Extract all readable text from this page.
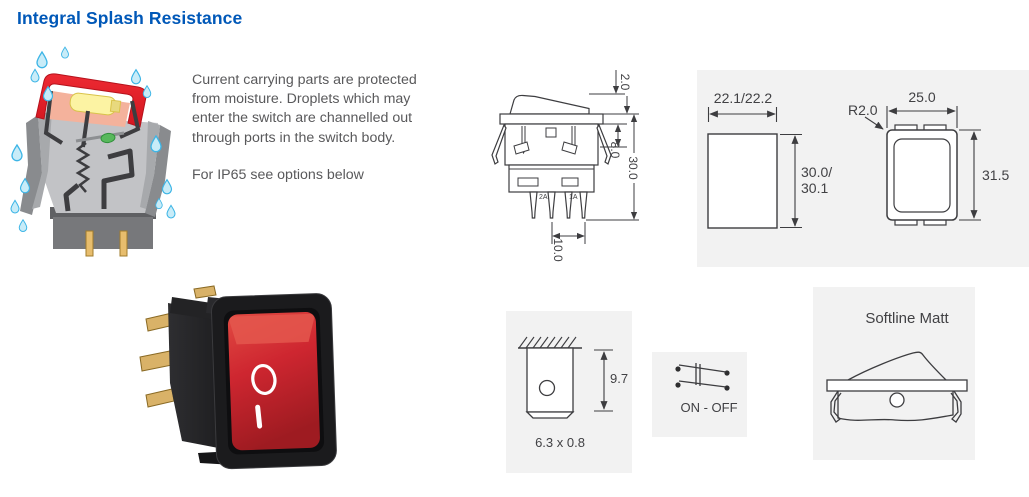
Integral Splash Resistance
Current carrying parts are protected from moisture. Droplets which may enter the switch are channelled out through ports in the switch body.
For IP65 see options below
2A	1A
2.0
8.0
30.0
10.0
22.1/22.2
30.0/
30.1
25.0
R2.0
31.5
9.7
6.3 x 0.8
ON - OFF
Softline Matt
